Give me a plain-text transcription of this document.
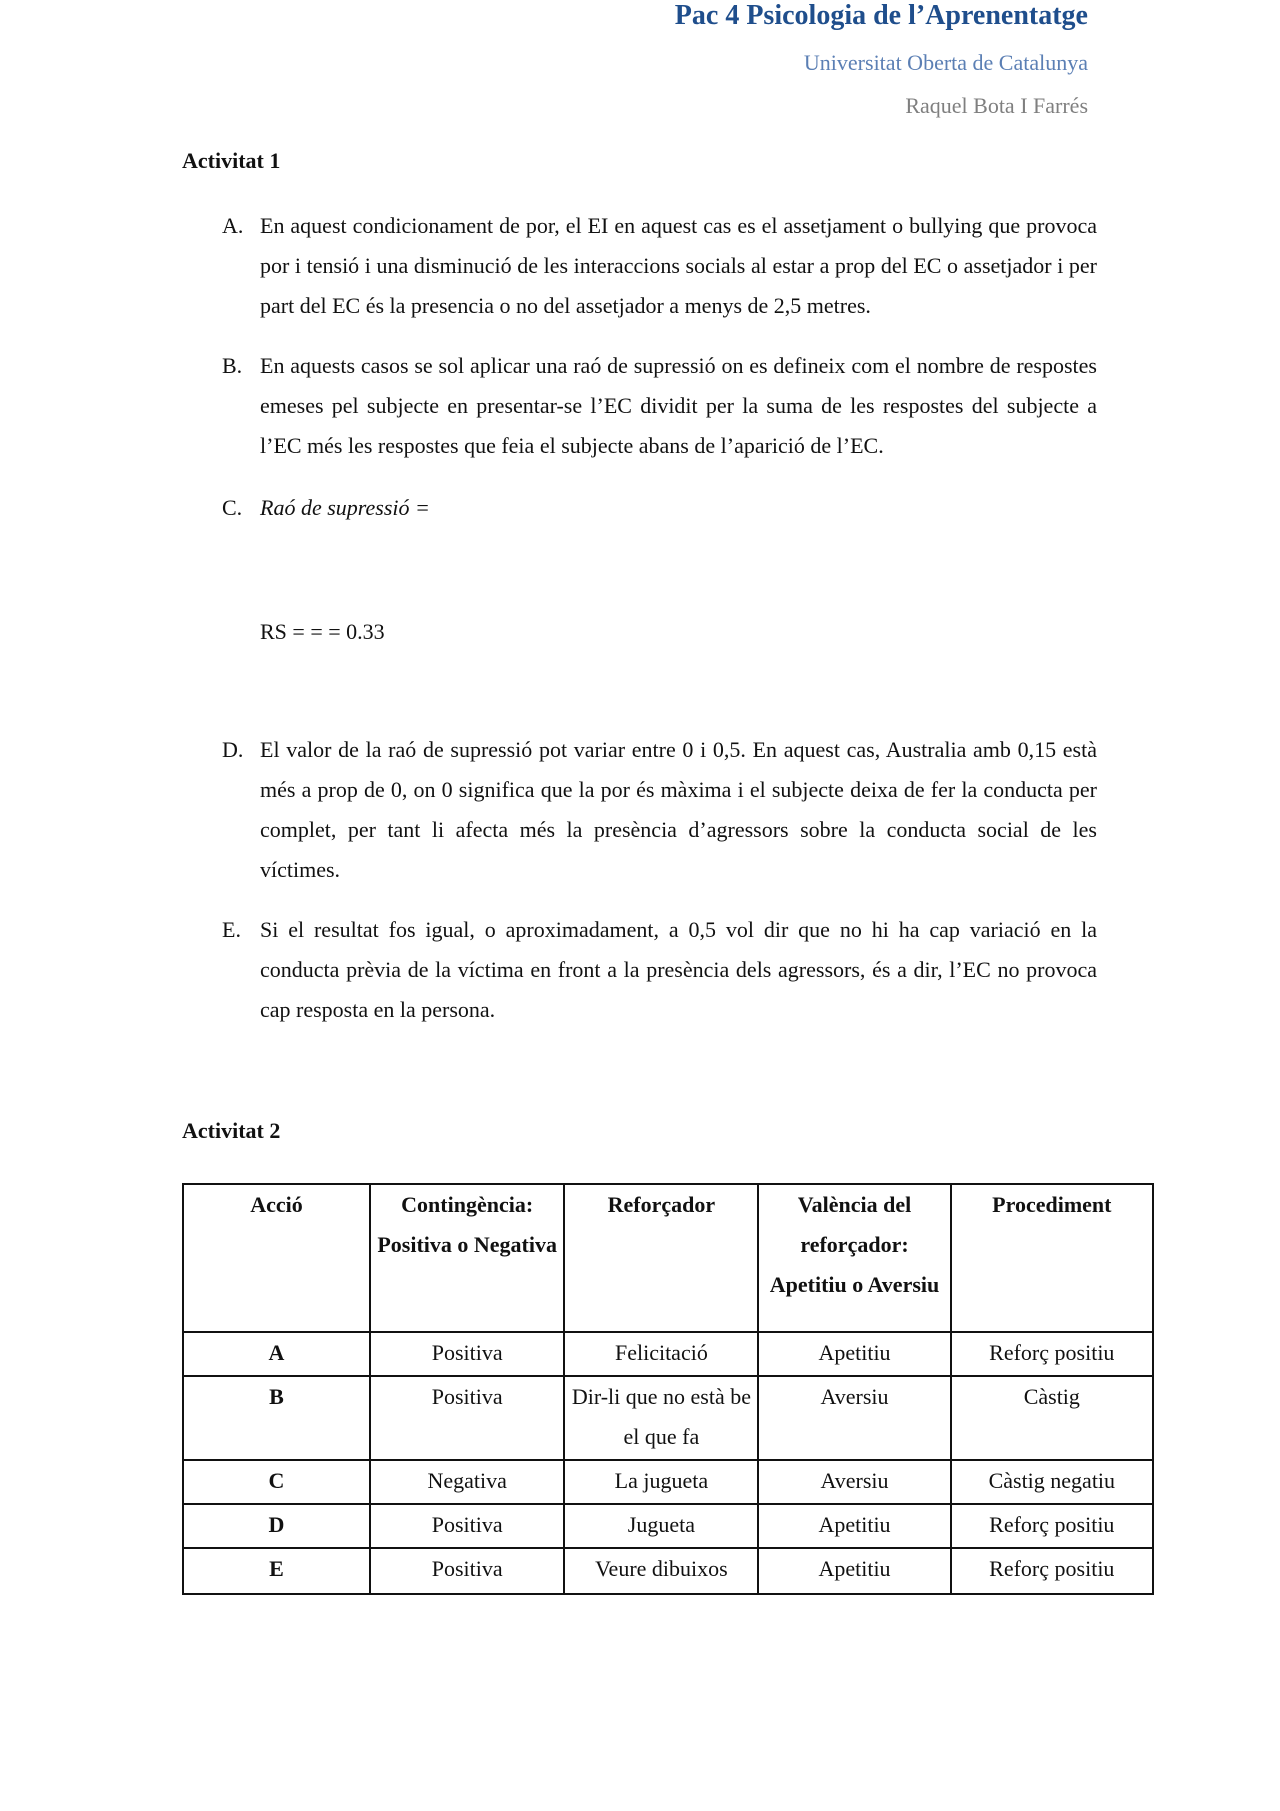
Pac 4 Psicologia de l’Aprenentatge
Universitat Oberta de Catalunya
Raquel Bota I Farrés
Activitat 1
A. En aquest condicionament de por, el EI en aquest cas es el assetjament o bullying que provoca por i tensió i una disminució de les interaccions socials al estar a prop del EC o assetjador i per part del EC és la presencia o no del assetjador a menys de 2,5 metres.
B. En aquests casos se sol aplicar una raó de supressió on es defineix com el nombre de respostes emeses pel subjecte en presentar-se l’EC dividit per la suma de les respostes del subjecte a l’EC més les respostes que feia el subjecte abans de l’aparició de l’EC.
C. Raó de supressió =
RS = = = 0.33
D. El valor de la raó de supressió pot variar entre 0 i 0,5. En aquest cas, Australia amb 0,15 està més a prop de 0, on 0 significa que la por és màxima i el subjecte deixa de fer la conducta per complet, per tant li afecta més la presència d’agressors sobre la conducta social de les víctimes.
E. Si el resultat fos igual, o aproximadament, a 0,5 vol dir que no hi ha cap variació en la conducta prèvia de la víctima en front a la presència dels agressors, és a dir, l’EC no provoca cap resposta en la persona.
Activitat 2
Acció	Contingència: Positiva o Negativa	Reforçador	València del reforçador: Apetitiu o Aversiu	Procediment
A	Positiva	Felicitació	Apetitiu	Reforç positiu
B	Positiva	Dir-li que no està be el que fa	Aversiu	Càstig
C	Negativa	La jugueta	Aversiu	Càstig negatiu
D	Positiva	Jugueta	Apetitiu	Reforç positiu
E	Positiva	Veure dibuixos	Apetitiu	Reforç positiu
